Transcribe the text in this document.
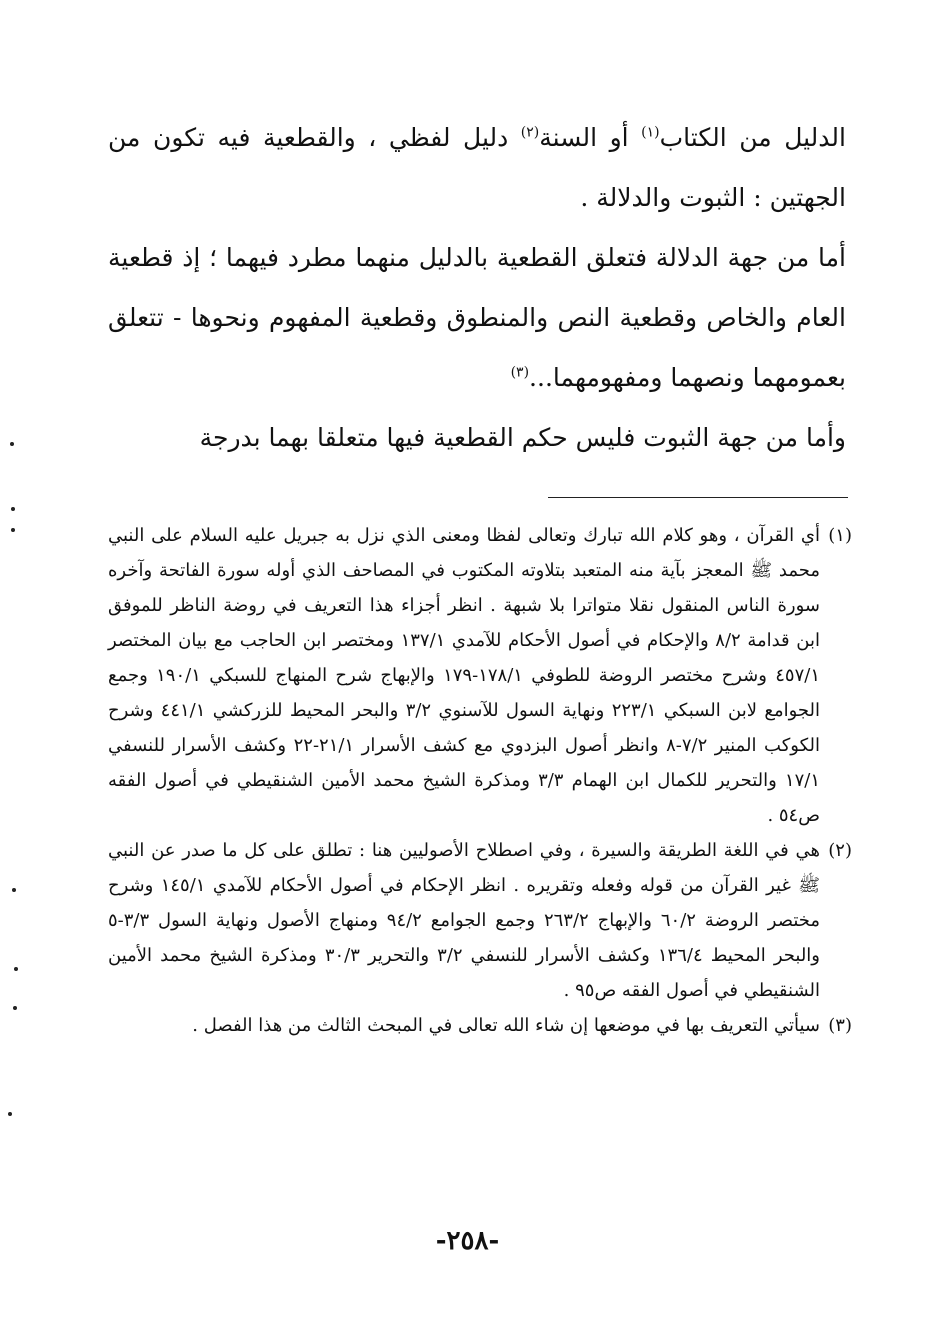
الدليل من الكتاب$^{(١)}$ أو السنة$^{(٢)}$ دليل لفظي ، والقطعية فيه تكون من الجهتين : الثبوت والدلالة .

أما من جهة الدلالة فتعلق القطعية بالدليل منهما مطرد فيهما ؛ إذ قطعية العام والخاص وقطعية النص والمنطوق وقطعية المفهوم ونحوها - تتعلق بعمومهما ونصهما ومفهومهما...$^{(٣)}$

وأما من جهة الثبوت فليس حكم القطعية فيها متعلقا بهما بدرجة

(١)
أي القرآن ، وهو كلام الله تبارك وتعالى لفظا ومعنى الذي نزل به جبريل عليه السلام على النبي محمد ﷺ المعجز بآية منه المتعبد بتلاوته المكتوب في المصاحف الذي أوله سورة الفاتحة وآخره سورة الناس المنقول نقلا متواترا بلا شبهة . انظر أجزاء هذا التعريف في روضة الناظر للموفق ابن قدامة ٨/٢ والإحكام في أصول الأحكام للآمدي ١٣٧/١ ومختصر ابن الحاجب مع بيان المختصر ٤٥٧/١ وشرح مختصر الروضة للطوفي ١٧٨/١-١٧٩ والإبهاج شرح المنهاج للسبكي ١٩٠/١ وجمع الجوامع لابن السبكي ٢٢٣/١ ونهاية السول للآسنوي ٣/٢ والبحر المحيط للزركشي ٤٤١/١ وشرح الكوكب المنير ٧/٢-٨ وانظر أصول البزدوي مع كشف الأسرار ٢١/١-٢٢ وكشف الأسرار للنسفي ١٧/١ والتحرير للكمال ابن الهمام ٣/٣ ومذكرة الشيخ محمد الأمين الشنقيطي في أصول الفقه ص٥٤ .

(٢)
هي في اللغة الطريقة والسيرة ، وفي اصطلاح الأصوليين هنا : تطلق على كل ما صدر عن النبي ﷺ غير القرآن من قوله وفعله وتقريره . انظر الإحكام في أصول الأحكام للآمدي ١٤٥/١ وشرح مختصر الروضة ٦٠/٢ والإبهاج ٢٦٣/٢ وجمع الجوامع ٩٤/٢ ومنهاج الأصول ونهاية السول ٣/٣-٥ والبحر المحيط ١٣٦/٤ وكشف الأسرار للنسفي ٣/٢ والتحرير ٣٠/٣ ومذكرة الشيخ محمد الأمين الشنقيطي في أصول الفقه ص٩٥ .

(٣)
سيأتي التعريف بها في موضعها إن شاء الله تعالى في المبحث الثالث من هذا الفصل .

-٢٥٨-
